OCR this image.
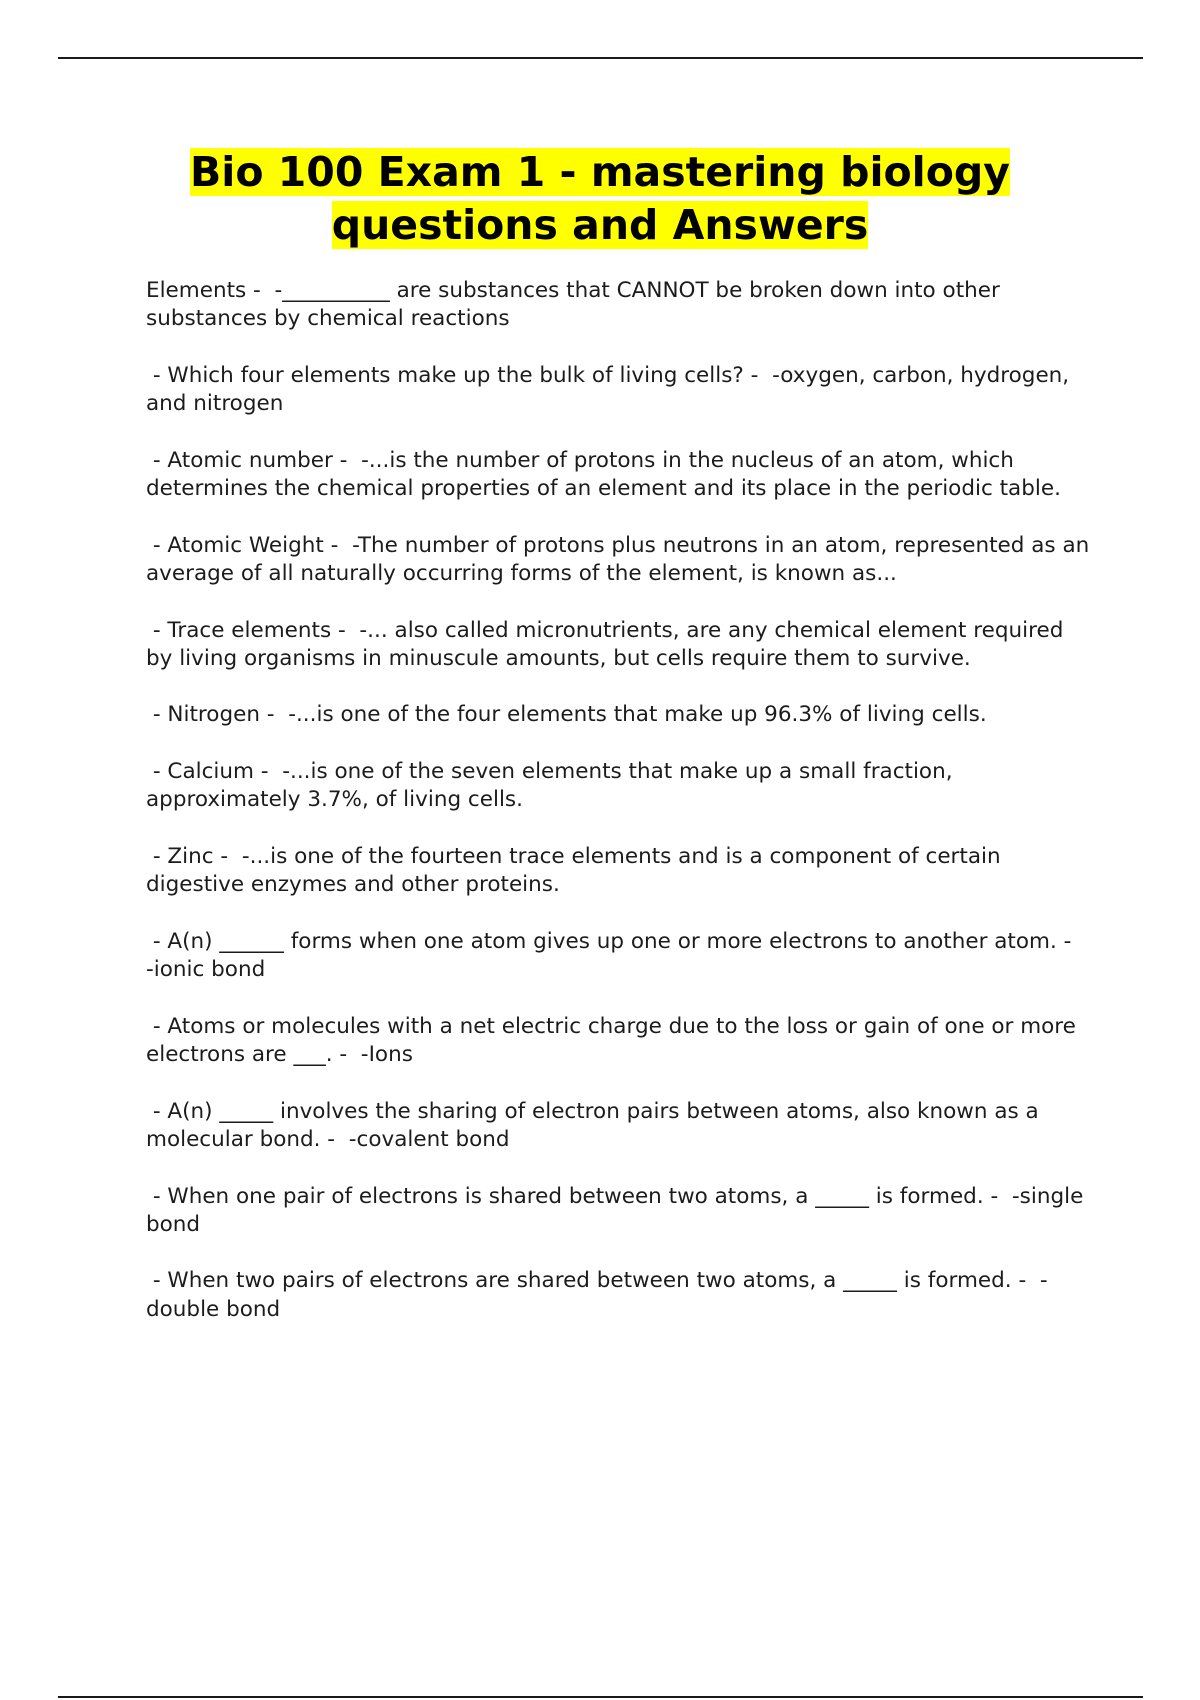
Bio 100 Exam 1 - mastering biology questions and Answers

Elements -  -__________ are substances that CANNOT be broken down into other substances by chemical reactions

- Which four elements make up the bulk of living cells? -  -oxygen, carbon, hydrogen, and nitrogen

- Atomic number -  -...is the number of protons in the nucleus of an atom, which determines the chemical properties of an element and its place in the periodic table.

- Atomic Weight -  -The number of protons plus neutrons in an atom, represented as an average of all naturally occurring forms of the element, is known as...

- Trace elements -  -... also called micronutrients, are any chemical element required by living organisms in minuscule amounts, but cells require them to survive.

- Nitrogen -  -...is one of the four elements that make up 96.3% of living cells.

- Calcium -  -...is one of the seven elements that make up a small fraction, approximately 3.7%, of living cells.

- Zinc -  -...is one of the fourteen trace elements and is a component of certain digestive enzymes and other proteins.

- A(n) ______ forms when one atom gives up one or more electrons to another atom. -  -ionic bond

- Atoms or molecules with a net electric charge due to the loss or gain of one or more electrons are ___. -  -Ions

- A(n) _____ involves the sharing of electron pairs between atoms, also known as a molecular bond. -  -covalent bond

- When one pair of electrons is shared between two atoms, a _____ is formed. -  -single bond

- When two pairs of electrons are shared between two atoms, a _____ is formed. -  -double bond
